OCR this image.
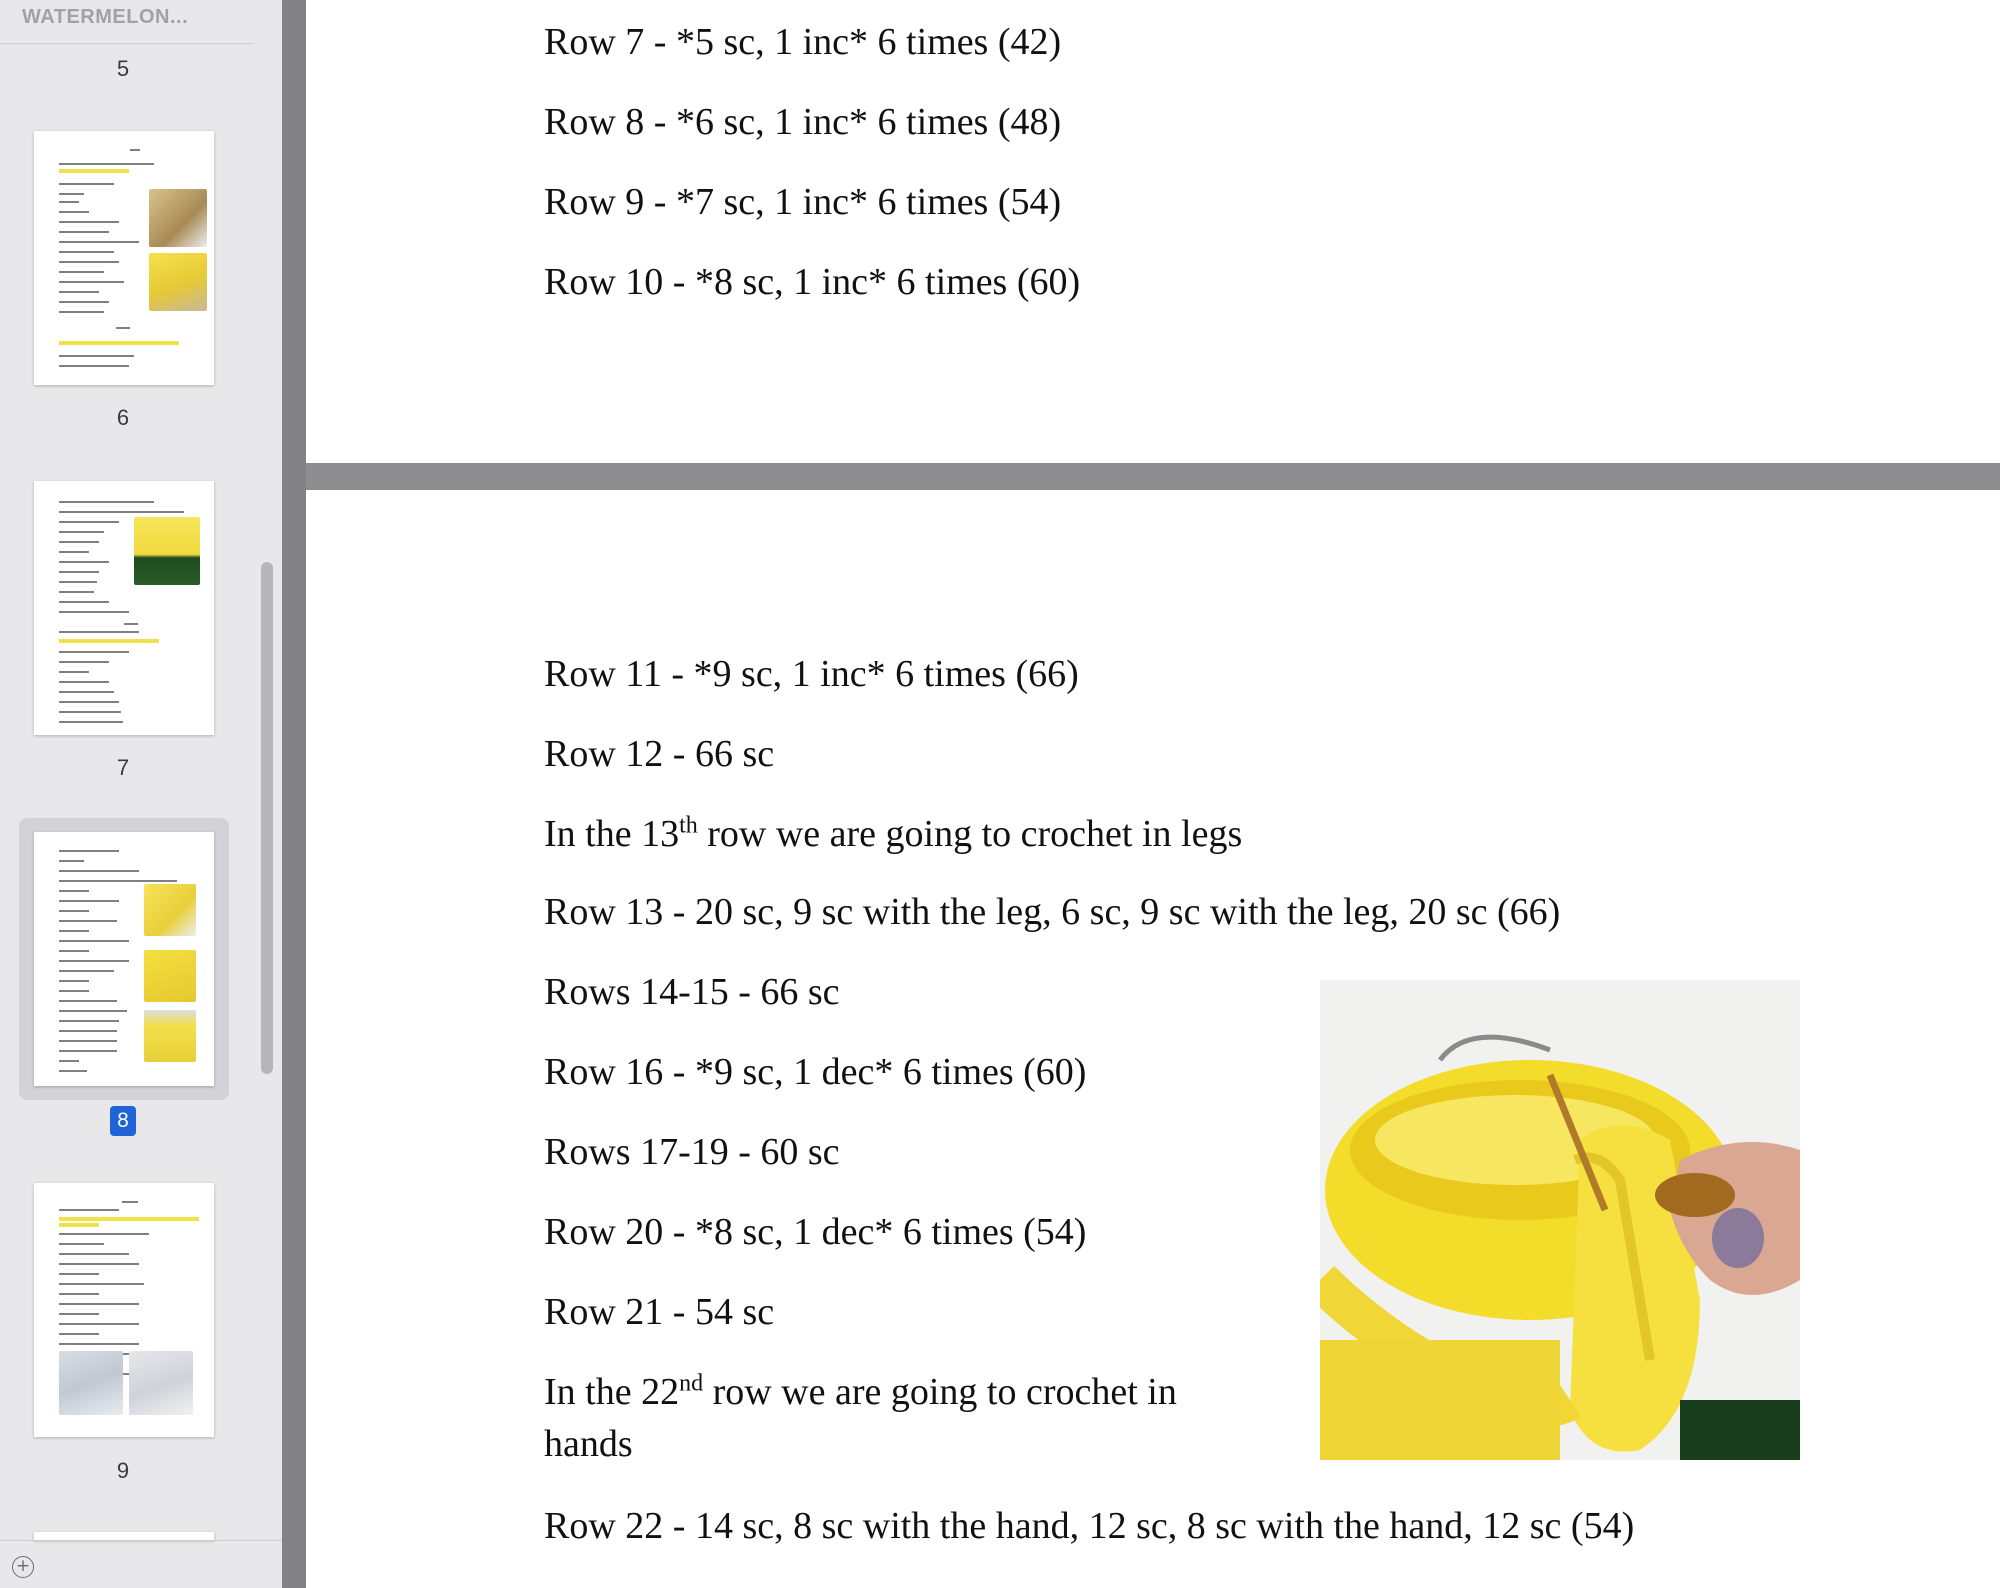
WATERMELON...
5
6
7
8
9
+
Row 7 - *5 sc, 1 inc* 6 times (42)
Row 8 - *6 sc, 1 inc* 6 times (48)
Row 9 - *7 sc, 1 inc* 6 times (54)
Row 10 - *8 sc, 1 inc* 6 times (60)
Row 11 - *9 sc, 1 inc* 6 times (66)
Row 12 - 66 sc
In the 13th row we are going to crochet in legs
Row 13 - 20 sc, 9 sc with the leg, 6 sc, 9 sc with the leg, 20 sc (66)
Rows 14-15 - 66 sc
Row 16 - *9 sc, 1 dec* 6 times (60)
Rows 17-19 - 60 sc
Row 20 - *8 sc, 1 dec* 6 times (54)
Row 21 - 54 sc
In the 22nd row we are going to crochet in
hands
Row 22 - 14 sc, 8 sc with the hand, 12 sc, 8 sc with the hand, 12 sc (54)
